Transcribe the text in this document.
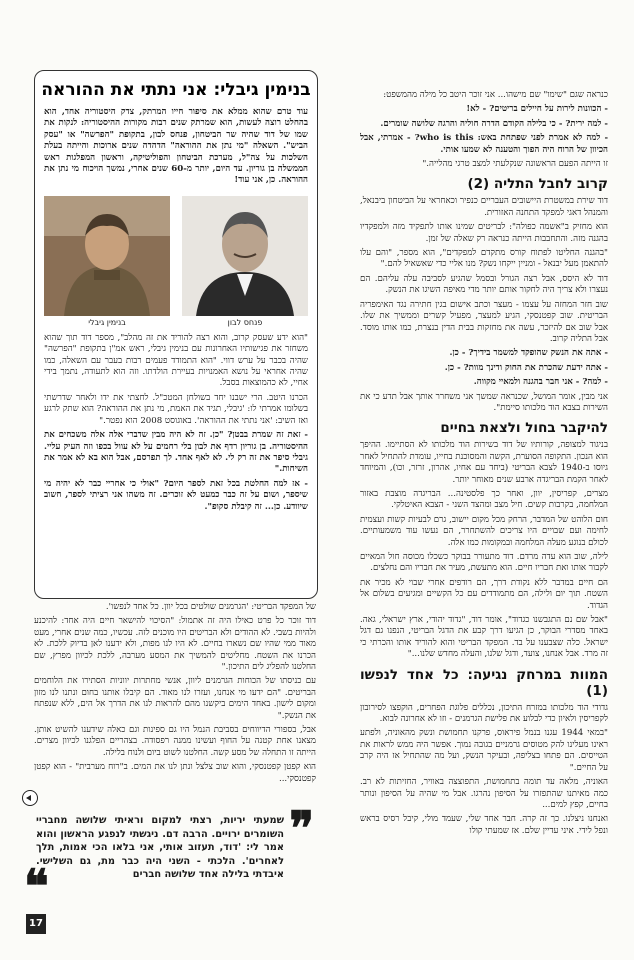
כנראה שגם "שימו" שם מישהו... אני זוכר היטב כל מילה מהמשפט:

- הכוונות לירות על חיילים בריטים? - לא!

- למה ירית? - כי בלילה הקודם הדרה חוליה והרגה שלושה שומרים.

- למה לא אמרת לפני שפתחת באש: who is this? - אמרתי, אבל הכיוון של הרוח היה הפוך והטענה לא שמעו אותי.

זו הייתה הפעם הראשונה שנקלעתי למצב טרגי מהלייה."

קרוב לחבל התליה (2)

דוד שירת במשטרת היישובים העבריים כנפיר וכאחראי על הביטחון ביבנאל, והמנהל דאגי למפקד התחנה האזורית.

הוא מחזיק ב"אשמה כפולה": לבריטים שמינו אותו לתפקיד מזה ולמפקדיו בהגנה מזה. והתחבבות הייתה כנראה רק שאלה של זמן.

"בהגנה החליטו לפתוח קורס מתקדם למפקדים", הוא מספר, "והם עלו להתאמן מעל יבנאל - ומניין ייקחו נשק? מנו אליי כדי שאשאיל להם."

דוד לא היסס, אבל רצה הגורל ובסמל שהגיע לסביבה עלה עליהם. הם נעצרו ולא צריך היה לחקור אותם יותר מדי מאיפה השיגו את הנשק.

שוב חזר המחזה על עצמו - מעצר וכתב אישום בגין חתירה נגד האימפריה הבריטית. שוב קפטנסקי, הגיע למעצר, מפעיל קשרים וממשיך את שלו. אבל שוב אם להיזכר, עשה את מחזקות בבית הדין בנצרת, כמו אותו מוסד. אבל התליה קרוב.

- אתה את הנשק שהופקד למשמר בידיך? - כן.

- אתה ידעת שהכרת את החוק ודינך מוות? - כן.

- למה? - אני חבר בהגנה ולמאיי מקווה.

אני מבין, אומר המושל, שכנראה שמשך אני משחרר אותך אבל תדע כי את השירות בצבא הוד מלכותו סיימת".

להיקבר בחול ולצאת בחיים

בניגוד למצופה, קורותיו של דוד בשירות הוד מלכותו לא הסתיימו. ההיפך הוא הנכון. התקופה הסוערת, הקשה והמסוכנת בחייו, עומדת להתחיל לאחר גיוסו ב-1940 לצבא הבריטי (ביחד עם אחיו, אהרון, זרזר, וכו), והמיוחד לאחר הקמת הבריגדה ארבע שנים מאוחר יותר.

מצרים, קפריסין, יוון, ואחר כך פלסטינה... הבריגדה מוצבת באזור המלחמה, בקרבות קשים. חיל מצב ומהצד השני - הצבא האיטלקי.

חום הלוהט של המדבר, הרחק מכל מקום יישוב, גרם לבעיות קשות ועצמית לחימה ועם שבויים היו צריכים להשתחרר, הם נעשו עוד משמעותיים. לכולם בנוגע מעלה המלחמה ובמקומות כמו אלה.

לילה, שוב הוא עדה מרדם. דוד מתעורר בבוקר כשכלו מכוסה חול המאיים לקבור אותו ואת חבריו חיים. הוא מתעשת, מעיר את חבריו והם נחלצים.

הם חיים במדבר ללא נקודת דרך, הם רודפים אחרי שבוי לא מכיר את השטח. תוך יום ולילה, הם מתמודדים עם כל הקשיים ומגיעים בשלום אל הגדוד.

"אבל שם נם התגבשנו כגדוד", אומר דוד, "גדוד יהודי, ארץ ישראלי, גאה. באחד מסדרי הבוקר, כן הגיעו דרך קבע את הדגל הבריטי, הנפנו גם דגל ישראל. כלה שצבענו על בד. המפקד הבריטי והוא להוריד אותו והכרתי כי זה מרד. אבל אנחנו, צועד, ודגל שלנו, והעלה מחדש שלנו..."

המוות במרחק נגיעה: כל אחד לנפשו (1)

גדודי הוד מלכותו במזרח התיכון, נכללים פלוגת הפחרים, הוקפצו לסירובון לקפריסין ולאיון כדי לבלוע את פלישת הגרמנים - וזו לא אחרונה לבוא.

"במאי 1944 עגנו בנמל פיראוס, פרקנו תחמושת ונשק מהאוניה, ולפתע ראינו מעלינו להק מטוסים גרמניים בגובה נמוך. אפשר היה ממש לראות את הטייסים. הם פתחו בצליפה, ובעיקר הנשק, ועל מה שהתחיל אז היה קרב על החיים."

האוניה, מלאה עד תומה בתחמושת, התפוצצה באוויר, החזיתות לא רב. כמה מאיתנו שהתפזרו על הסיפון נהרגו. אבל מי שהיה על הסיפון ונותר בחיים, קפץ למים...

ואנחנו ניצלנו. כך זה קרה. חבר אחד שלי, שעמד מולי, קיבל רסיס בראש ונפל לידי. איני עדיין שלם. אז שמעתי קולו

בנימין גיבלי: אני נתתי את ההוראה

עוד טרם שהוא ממלא את סיפור חייו המרתק, צדק היסטוריה אחד, הוא בהחלט רוצה לעשות, הוא שמרתק שנים רבות מקורות ההיסטוריה: לנקות את שמו של דוד שהיה שר הביטחון, פנחס לבון, בתקופת "הפרשה" או "עסק הביש". השאלה "מי נתן את ההוראה" הדהדה שנים ארוכות והייתה בעלת השלכות על צה"ל, מערכת הביטחון והפוליטיקה, וראשון המפלגות ראש הממשלה בן גוריון. עד היום, יותר מ-60 שנים אחרי, נמשך הויכוח מי נתן את ההוראה. כן, אני עוד!

בנימין גיבלי	פנחס לבון

"הוא ידע שעסק קרוב, והוא רצה להוריד את זה מהלב", מספר דוד תוך שהוא משחזר את פגישותיו האחרונות עם בנימין גיבלי, ראש אמ"ן בתקופת "הפרשה" שהיה בכבר על ערש דווי. "הוא התמודד פעמים רבות בעבר עם השאלה, כמו שהיה אחראי על נושא האמנויות בעיירת הולדתו. וזה הוא לתעודה, נתמך בידי אחיי, לא כהמוצאות בסבל.

הכרנו היטב. הרי ישבנו יחד בשולחן המטכ"ל. לחצתי את ידו ולאחר שדרשתי בשלומו אמרתי לו: 'גיבלי, תגיד את האמת, מי נתן את ההוראה? הוא שתק לרגע ואז השיב: 'אני נתתי את ההוראה'. באוגוסט 2008 הוא נפטר."

- זאת זה שמרת בבטן? "כן. זה לא היה מבין שדברי אלה אלה משכחים את ההיסטוריה. בן גוריון רדף את לבון בלי רחמים על לא עוול בכפו וזה העיק עליי. גיבלי סיפר את זה רק לי. לא לאף אחד. לך תפרסם, אבל הוא בא לא אמר את השיחות."

- אז למה החלטת בכל זאת לספר היום? "אולי כי אחריי כבר לא יהיה מי שיספר, ושום על זה כבר כמעט לא זוכרים. זה משהו אני רציתי לספר, חשוב שיוודע. כן... זה קיבלת סקופ".

של המפקד הבריטי: 'הגרמנים שולטים בכל יוון. כל אחד לנפשו'.

דוד זוכר כל פרט כאילו היה זה אתמול: "הסיכוי להישאר חיים היה אחד: להיכנע ולהיות בשבי. לא ההודים ולא הבריטים היו מוכנים לזה. עכשיו, כמה שנים אחרי, מעט מאוד ממי שהיו שם נשארו בחיים. לא היו לנו מפות, ולא ידענו לאן בדיוק ללכת. לא הכרנו את השטח. מחליטים להמשיך את המסע מערבה, ללכת לכיוון מפרץ, שם החלטנו להפליג לים התיכון."

עם כניסתו של הכוחות הגרמנים ליוון, אנשי מחתרות יווניות הסתירו את הלוחמים הבריטים. "הם ידעו מי אנחנו, ועזרו לנו מאוד. הם קיבלו אותנו בחום ונתנו לנו מזון ומקום לישון. באחד הימים ביקשנו מהם להראות לנו את הדרך אל הים, ללא שנפתח את הנשק."

אבל, בספורי הדיווחים בסביבת הנמל היו גם ספינות וגם כאלה שידענו להשיט אותן. מצאנו אחת קטנה על החוף ועשינו ממנה רפסודה. בצהריים הפלגנו לכיוון מצרים. הייתה זו התחלה של מסע קשה. החלטנו לשוט ביום ולנוח בלילה.

הוא קפטן קפטנסקי, והוא שוב צלצל ונתן לנו את המים. ב"רוח מערבית" - הוא קפטן קפטנסקי...

❞
שמעתי יריות, רצתי למקום וראיתי שלושה מחבריי השומרים ירויים. הרבה דם. ניגשתי לנפגע הראשון והוא אמר לי: 'דוד, תעזוב אותי, אני בלאו הכי אמות, תלך לאחרים'. הלכתי - השני היה כבר מת, גם השלישי. איבדתי בלילה אחד שלושה חברים
❝
17
